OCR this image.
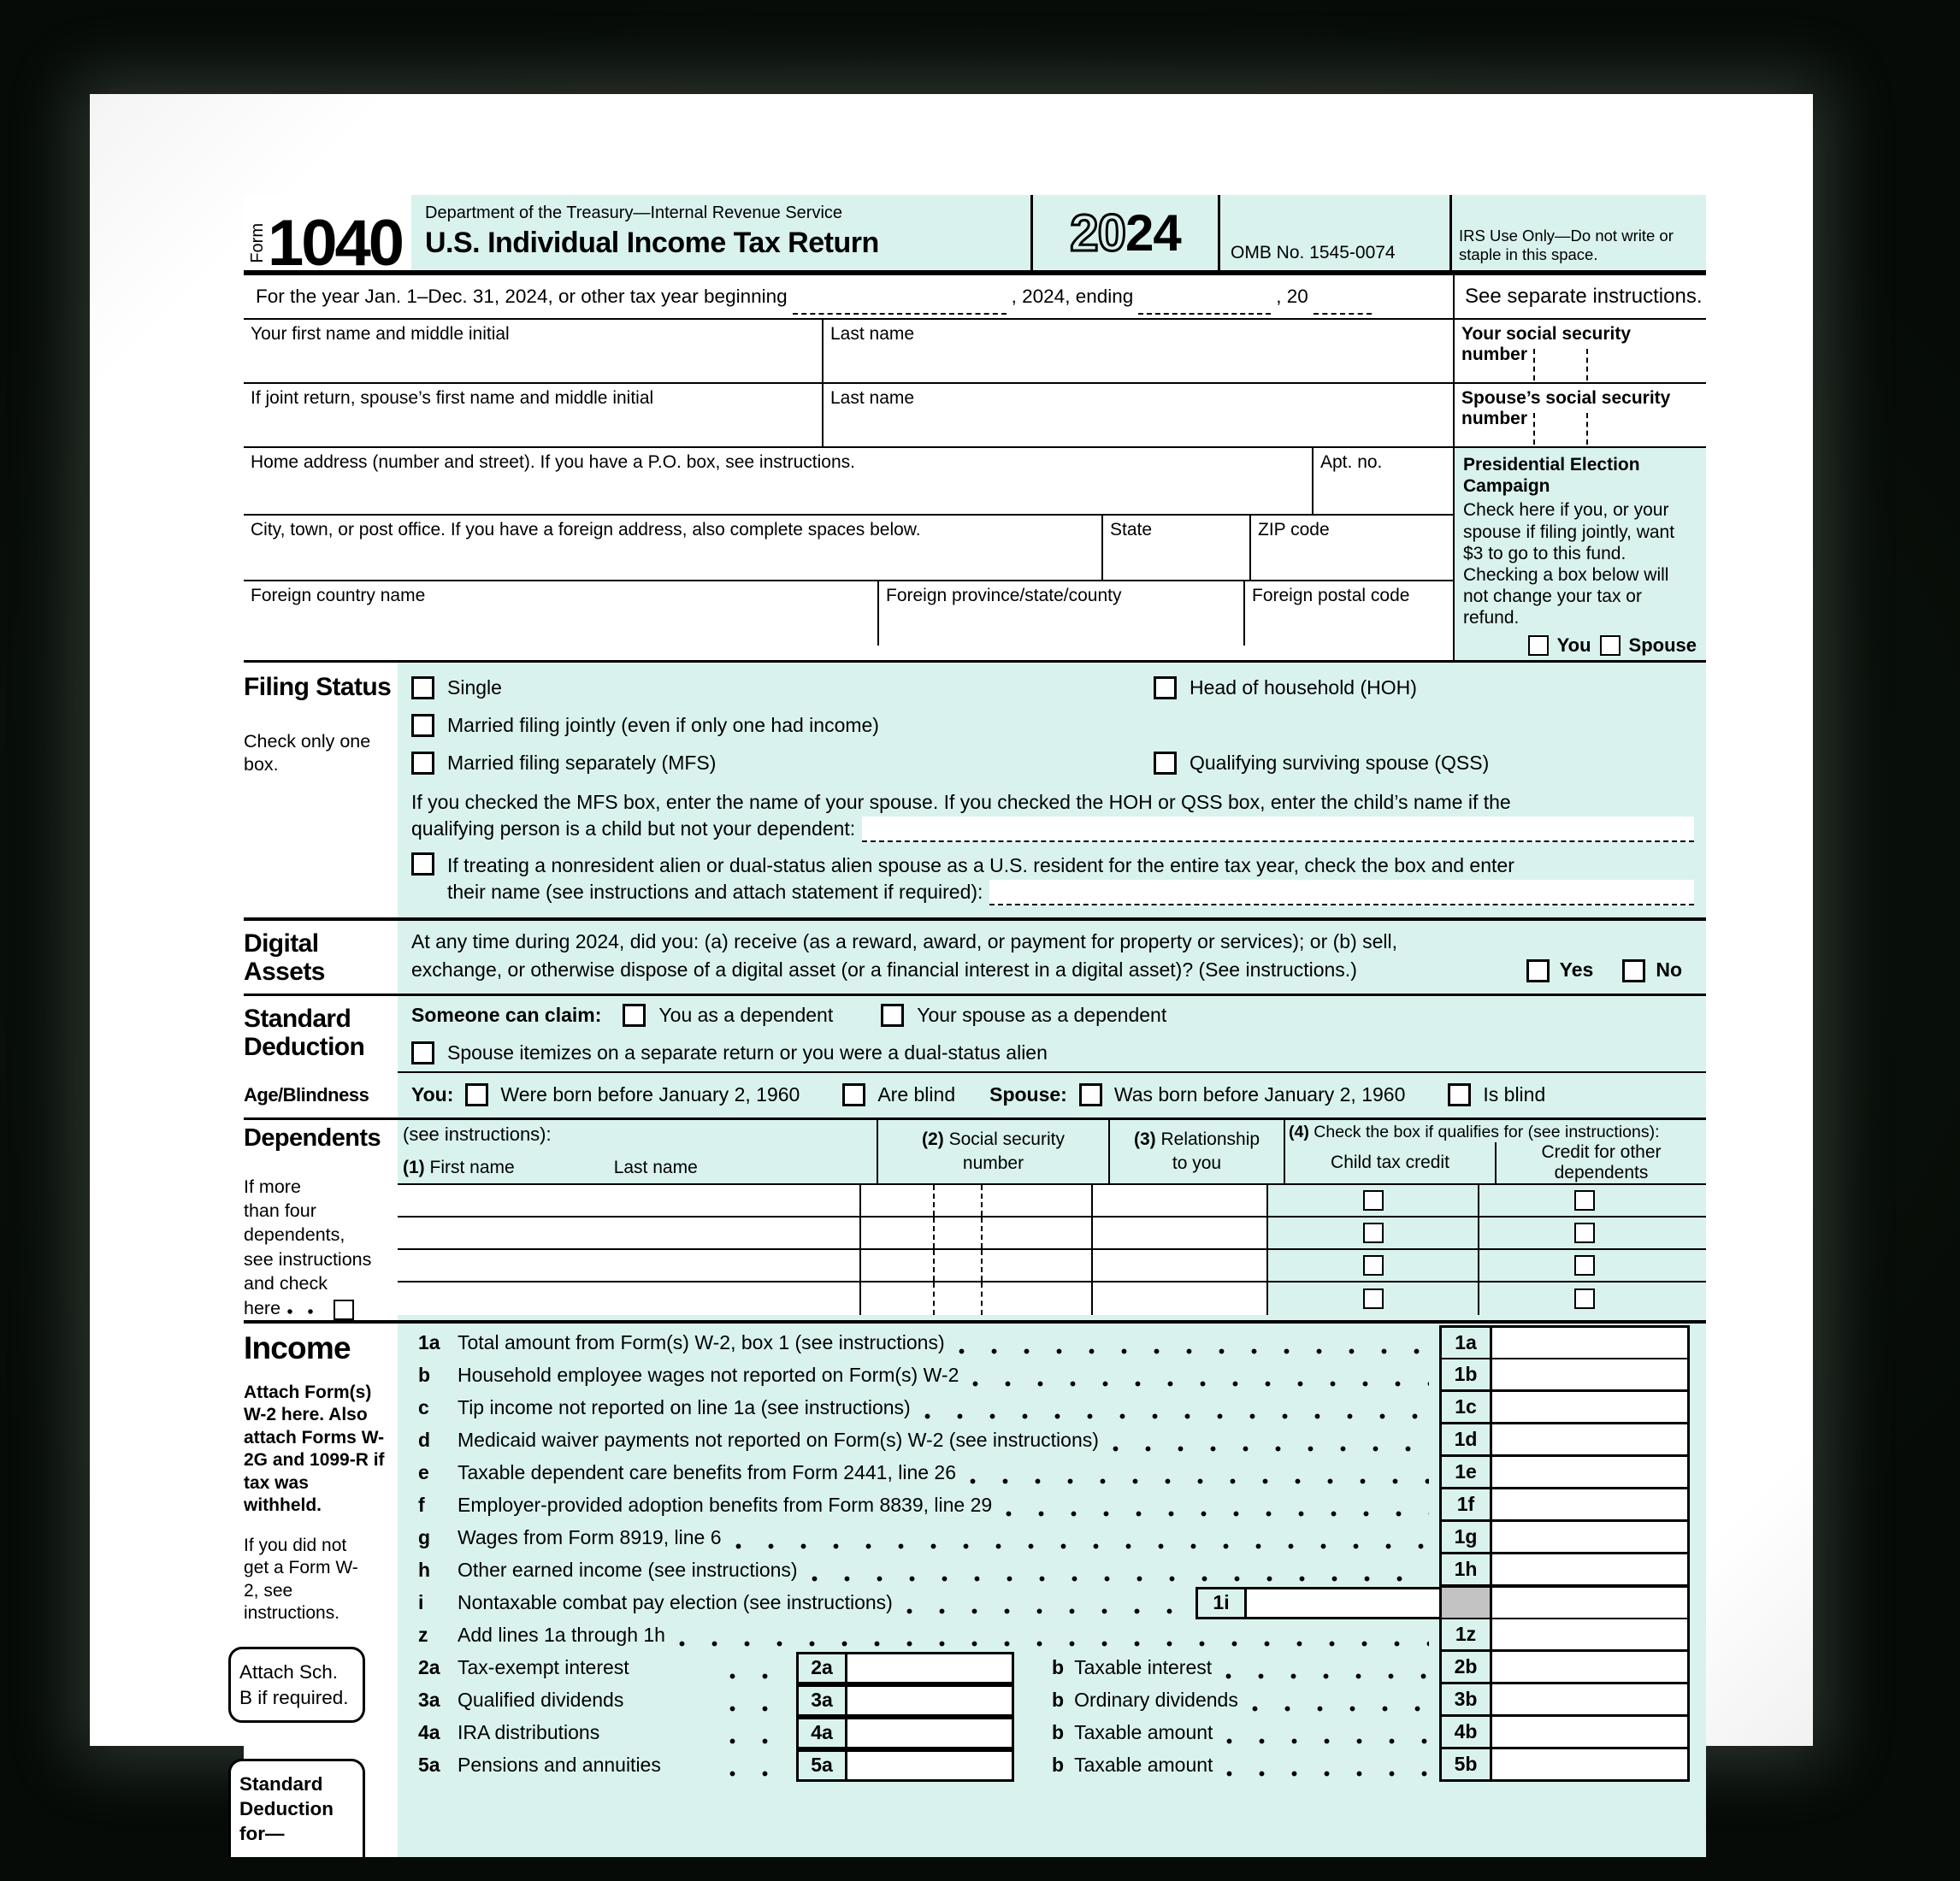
Form 1040 Department of the Treasury—Internal Revenue Service
U.S. Individual Income Tax Return	20 24	OMB No. 1545-0074
IRS Use Only—Do not write or staple in this space.
For the year Jan. 1–Dec. 31, 2024, or other tax year beginning	, 2024, ending	, 20	See separate instructions.
Your first name and middle initial	Last name	Your social security number
If joint return, spouse’s first name and middle initial	Last name	Spouse’s social security number
Home address (number and street). If you have a P.O. box, see instructions.	Apt. no.
City, town, or post office. If you have a foreign address, also complete spaces below.	State	ZIP code
Foreign country name	Foreign province/state/county	Foreign postal code
Presidential Election Campaign
Check here if you, or your spouse if filing jointly, want $3 to go to this fund. Checking a box below will not change your tax or refund.
You Spouse
Filing Status
Check only one box.
Single	Head of household (HOH)
Married filing jointly (even if only one had income)
Married filing separately (MFS)	Qualifying surviving spouse (QSS)
If you checked the MFS box, enter the name of your spouse. If you checked the HOH or QSS box, enter the child’s name if the
qualifying person is a child but not your dependent:
If treating a nonresident alien or dual-status alien spouse as a U.S. resident for the entire tax year, check the box and enter
their name (see instructions and attach statement if required):
Digital
Assets
At any time during 2024, did you: (a) receive (as a reward, award, or payment for property or services); or (b) sell,
exchange, or otherwise dispose of a digital asset (or a financial interest in a digital asset)? (See instructions.)	Yes	No
Standard
Deduction
Age/Blindness
Someone can claim:	You as a dependent	Your spouse as a dependent
Spouse itemizes on a separate return or you were a dual-status alien
You: Were born before January 2, 1960	Are blind Spouse: Was born before January 2, 1960	Is blind
Dependents
If more
than four
dependents,
see instructions
and check
here
(see instructions):
(1) First name	Last name
(2) Social security
number
(3) Relationship
to you
(4) Check the box if qualifies for (see instructions):
Child tax credit
Credit for other dependents
Income
Attach Form(s) W-2 here. Also attach Forms W-2G and 1099-R if tax was withheld.
If you did not get a Form W-2, see instructions.
Attach Sch. B if required.
Standard Deduction for—
1a Total amount from Form(s) W-2, box 1 (see instructions)	1a
b	Household employee wages not reported on Form(s) W-2	1b
c	Tip income not reported on line 1a (see instructions)	1c
d	Medicaid waiver payments not reported on Form(s) W-2 (see instructions)	1d
e	Taxable dependent care benefits from Form 2441, line 26	1e
f	Employer-provided adoption benefits from Form 8839, line 29	1f
g	Wages from Form 8919, line 6	1g
h	Other earned income (see instructions)	1h
i	Nontaxable combat pay election (see instructions)	1i
z	Add lines 1a through 1h	1z
2a Tax-exempt interest	2a	b Taxable interest	2b
3a Qualified dividends	3a	b Ordinary dividends	3b
4a IRA distributions	4a	b Taxable amount	4b
5a Pensions and annuities	5a	b Taxable amount	5b
